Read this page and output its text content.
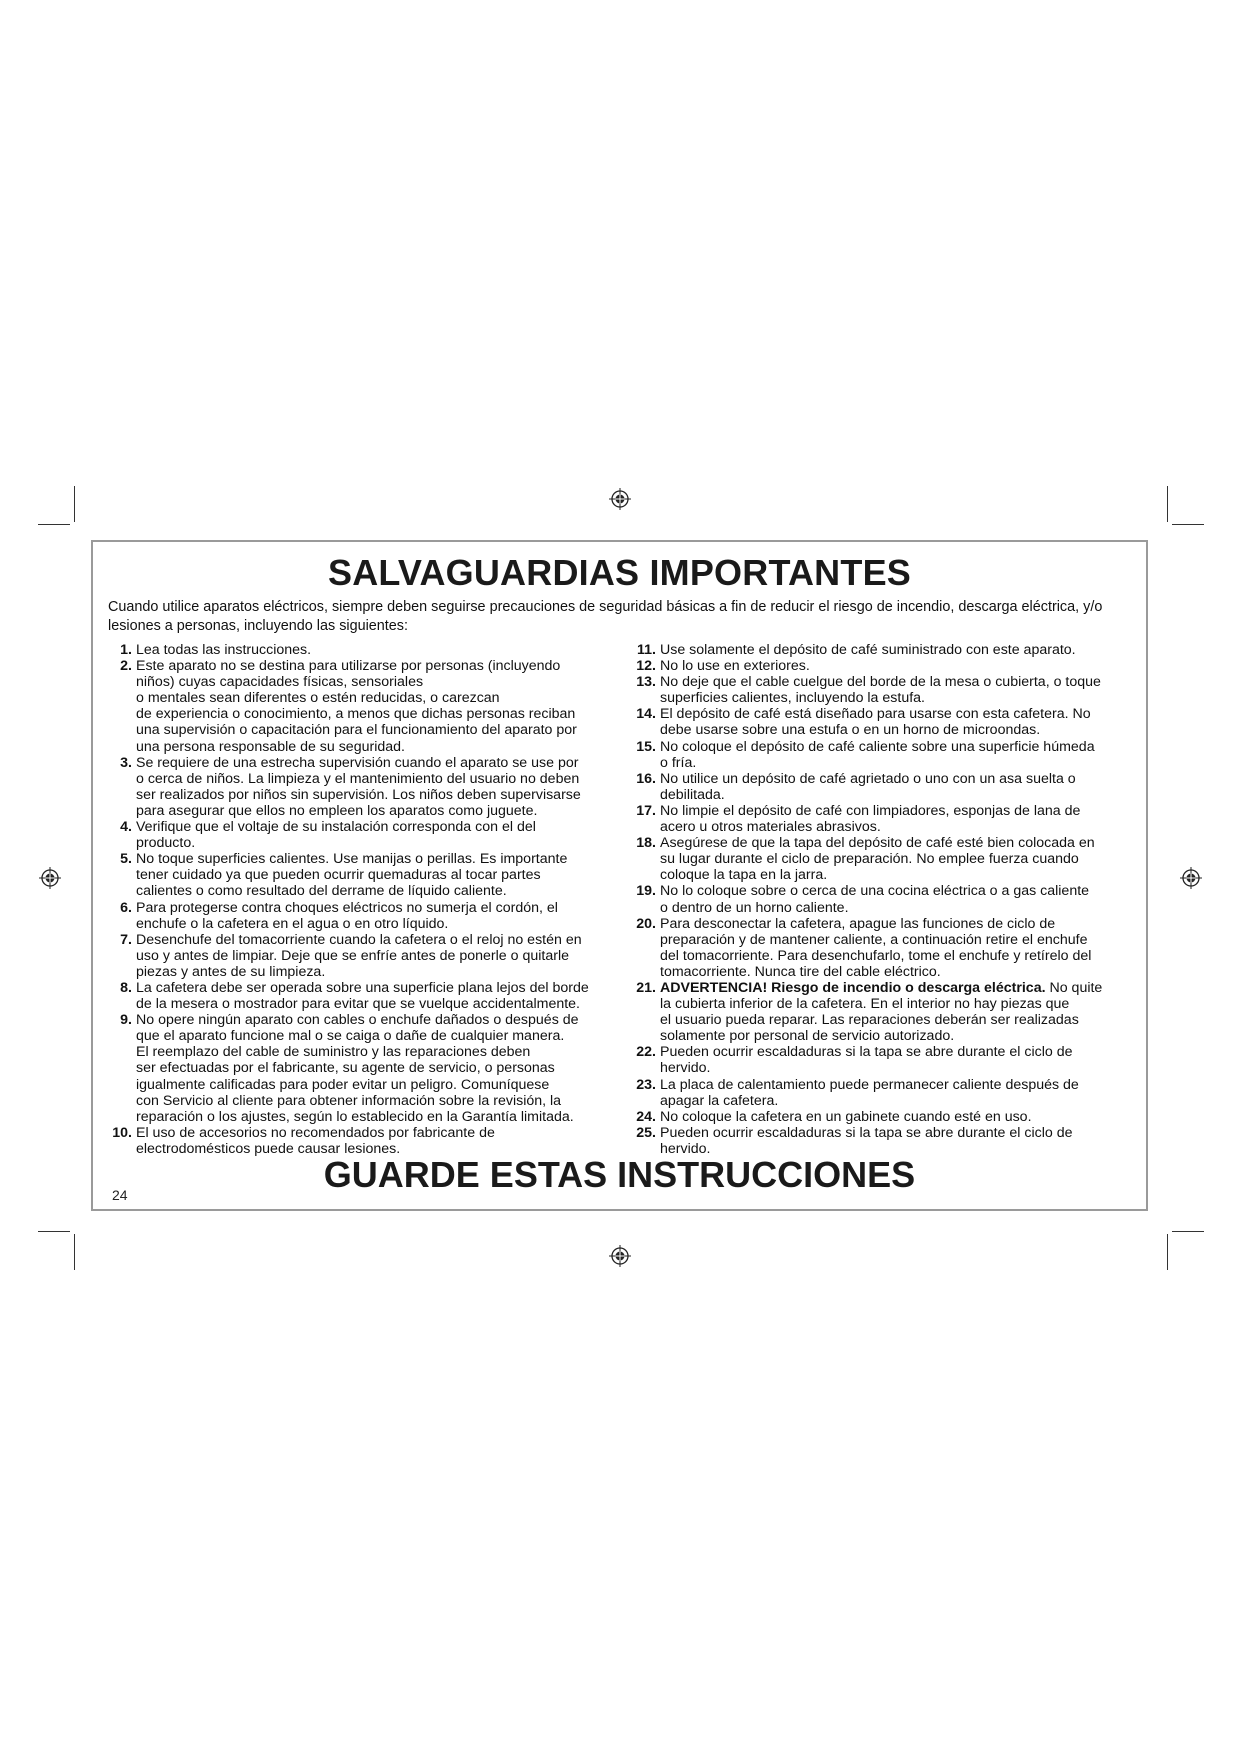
SALVAGUARDIAS IMPORTANTES
Cuando utilice aparatos eléctricos, siempre deben seguirse precauciones de seguridad básicas a fin de reducir el riesgo de incendio, descarga eléctrica, y/o lesiones a personas, incluyendo las siguientes:
1. Lea todas las instrucciones.
2. Este aparato no se destina para utilizarse por personas (incluyendo
niños) cuyas capacidades físicas, sensoriales
o mentales sean diferentes o estén reducidas, o carezcan
de experiencia o conocimiento, a menos que dichas personas reciban
una supervisión o capacitación para el funcionamiento del aparato por
una persona responsable de su seguridad.
3. Se requiere de una estrecha supervisión cuando el aparato se use por
o cerca de niños. La limpieza y el mantenimiento del usuario no deben
ser realizados por niños sin supervisión. Los niños deben supervisarse
para asegurar que ellos no empleen los aparatos como juguete.
4. Verifique que el voltaje de su instalación corresponda con el del
producto.
5. No toque superficies calientes. Use manijas o perillas. Es importante
tener cuidado ya que pueden ocurrir quemaduras al tocar partes
calientes o como resultado del derrame de líquido caliente.
6. Para protegerse contra choques eléctricos no sumerja el cordón, el
enchufe o la cafetera en el agua o en otro líquido.
7. Desenchufe del tomacorriente cuando la cafetera o el reloj no estén en
uso y antes de limpiar. Deje que se enfríe antes de ponerle o quitarle
piezas y antes de su limpieza.
8. La cafetera debe ser operada sobre una superficie plana lejos del borde
de la mesera o mostrador para evitar que se vuelque accidentalmente.
9. No opere ningún aparato con cables o enchufe dañados o después de
que el aparato funcione mal o se caiga o dañe de cualquier manera.
El reemplazo del cable de suministro y las reparaciones deben
ser efectuadas por el fabricante, su agente de servicio, o personas
igualmente calificadas para poder evitar un peligro. Comuníquese
con Servicio al cliente para obtener información sobre la revisión, la
reparación o los ajustes, según lo establecido en la Garantía limitada.
10. El uso de accesorios no recomendados por fabricante de
electrodomésticos puede causar lesiones.
11. Use solamente el depósito de café suministrado con este aparato.
12. No lo use en exteriores.
13. No deje que el cable cuelgue del borde de la mesa o cubierta, o toque
superficies calientes, incluyendo la estufa.
14. El depósito de café está diseñado para usarse con esta cafetera. No
debe usarse sobre una estufa o en un horno de microondas.
15. No coloque el depósito de café caliente sobre una superficie húmeda
o fría.
16. No utilice un depósito de café agrietado o uno con un asa suelta o
debilitada.
17. No limpie el depósito de café con limpiadores, esponjas de lana de
acero u otros materiales abrasivos.
18. Asegúrese de que la tapa del depósito de café esté bien colocada en
su lugar durante el ciclo de preparación. No emplee fuerza cuando
coloque la tapa en la jarra.
19. No lo coloque sobre o cerca de una cocina eléctrica o a gas caliente
o dentro de un horno caliente.
20. Para desconectar la cafetera, apague las funciones de ciclo de
preparación y de mantener caliente, a continuación retire el enchufe
del tomacorriente. Para desenchufarlo, tome el enchufe y retírelo del
tomacorriente. Nunca tire del cable eléctrico.
21. ADVERTENCIA! Riesgo de incendio o descarga eléctrica. No quite
la cubierta inferior de la cafetera. En el interior no hay piezas que
el usuario pueda reparar. Las reparaciones deberán ser realizadas
solamente por personal de servicio autorizado.
22. Pueden ocurrir escaldaduras si la tapa se abre durante el ciclo de
hervido.
23. La placa de calentamiento puede permanecer caliente después de
apagar la cafetera.
24. No coloque la cafetera en un gabinete cuando esté en uso.
25. Pueden ocurrir escaldaduras si la tapa se abre durante el ciclo de
hervido.
GUARDE ESTAS INSTRUCCIONES
24
